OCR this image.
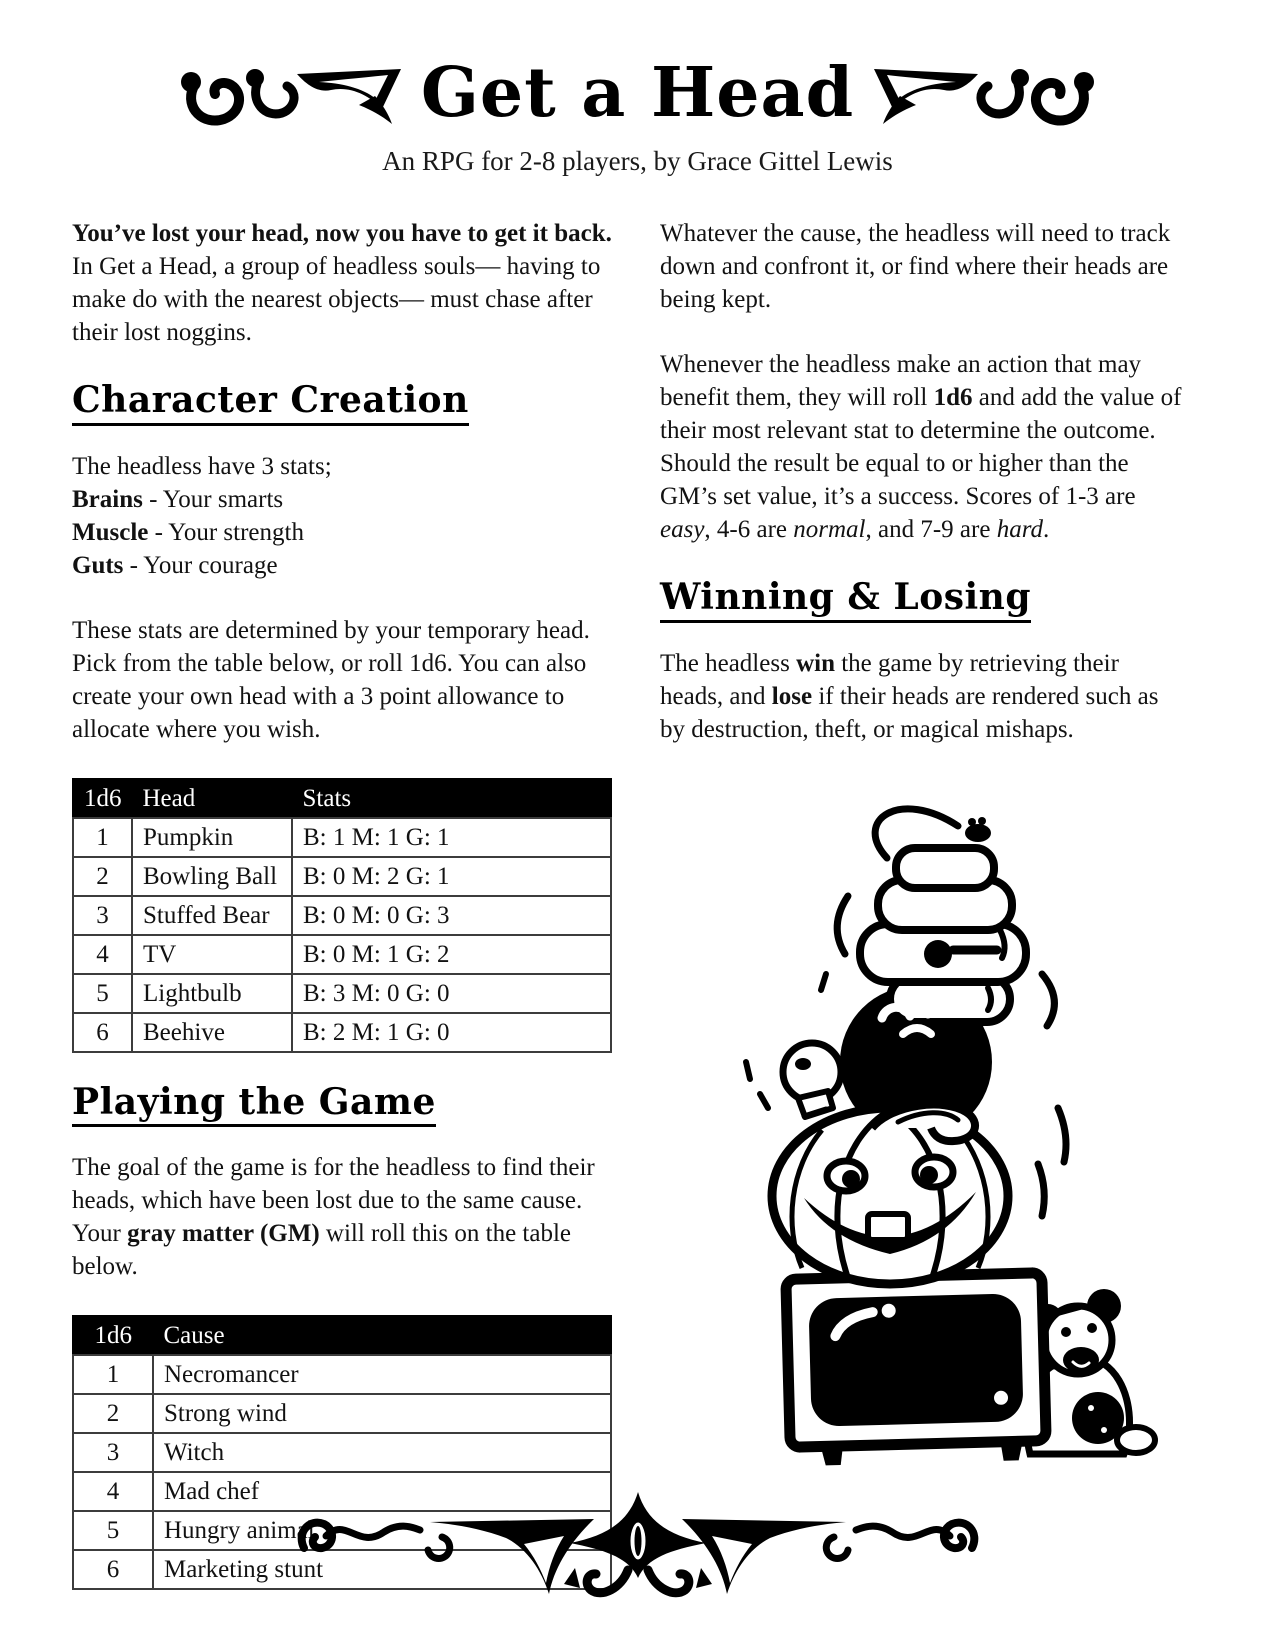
Get a Head
An RPG for 2-8 players, by Grace Gittel Lewis

You’ve lost your head, now you have to get it back. In Get a Head, a group of headless souls— having to make do with the nearest objects— must chase after their lost noggins.

Character Creation
The headless have 3 stats;
Brains - Your smarts
Muscle - Your strength
Guts - Your courage

These stats are determined by your temporary head. Pick from the table below, or roll 1d6. You can also create your own head with a 3 point allowance to allocate where you wish.

1d6	Head	Stats
1	Pumpkin	B: 1 M: 1 G: 1
2	Bowling Ball	B: 0 M: 2 G: 1
3	Stuffed Bear	B: 0 M: 0 G: 3
4	TV	B: 0 M: 1 G: 2
5	Lightbulb	B: 3 M: 0 G: 0
6	Beehive	B: 2 M: 1 G: 0
Playing the Game

The goal of the game is for the headless to find their heads, which have been lost due to the same cause. Your gray matter (GM) will roll this on the table below.

1d6	Cause
1	Necromancer
2	Strong wind
3	Witch
4	Mad chef
5	Hungry animal
6	Marketing stunt

Whatever the cause, the headless will need to track down and confront it, or find where their heads are being kept.

Whenever the headless make an action that may benefit them, they will roll 1d6 and add the value of their most relevant stat to determine the outcome. Should the result be equal to or higher than the GM’s set value, it’s a success. Scores of 1-3 are easy, 4-6 are normal, and 7-9 are hard.

Winning & Losing

The headless win the game by retrieving their heads, and lose if their heads are rendered such as by destruction, theft, or magical mishaps.
